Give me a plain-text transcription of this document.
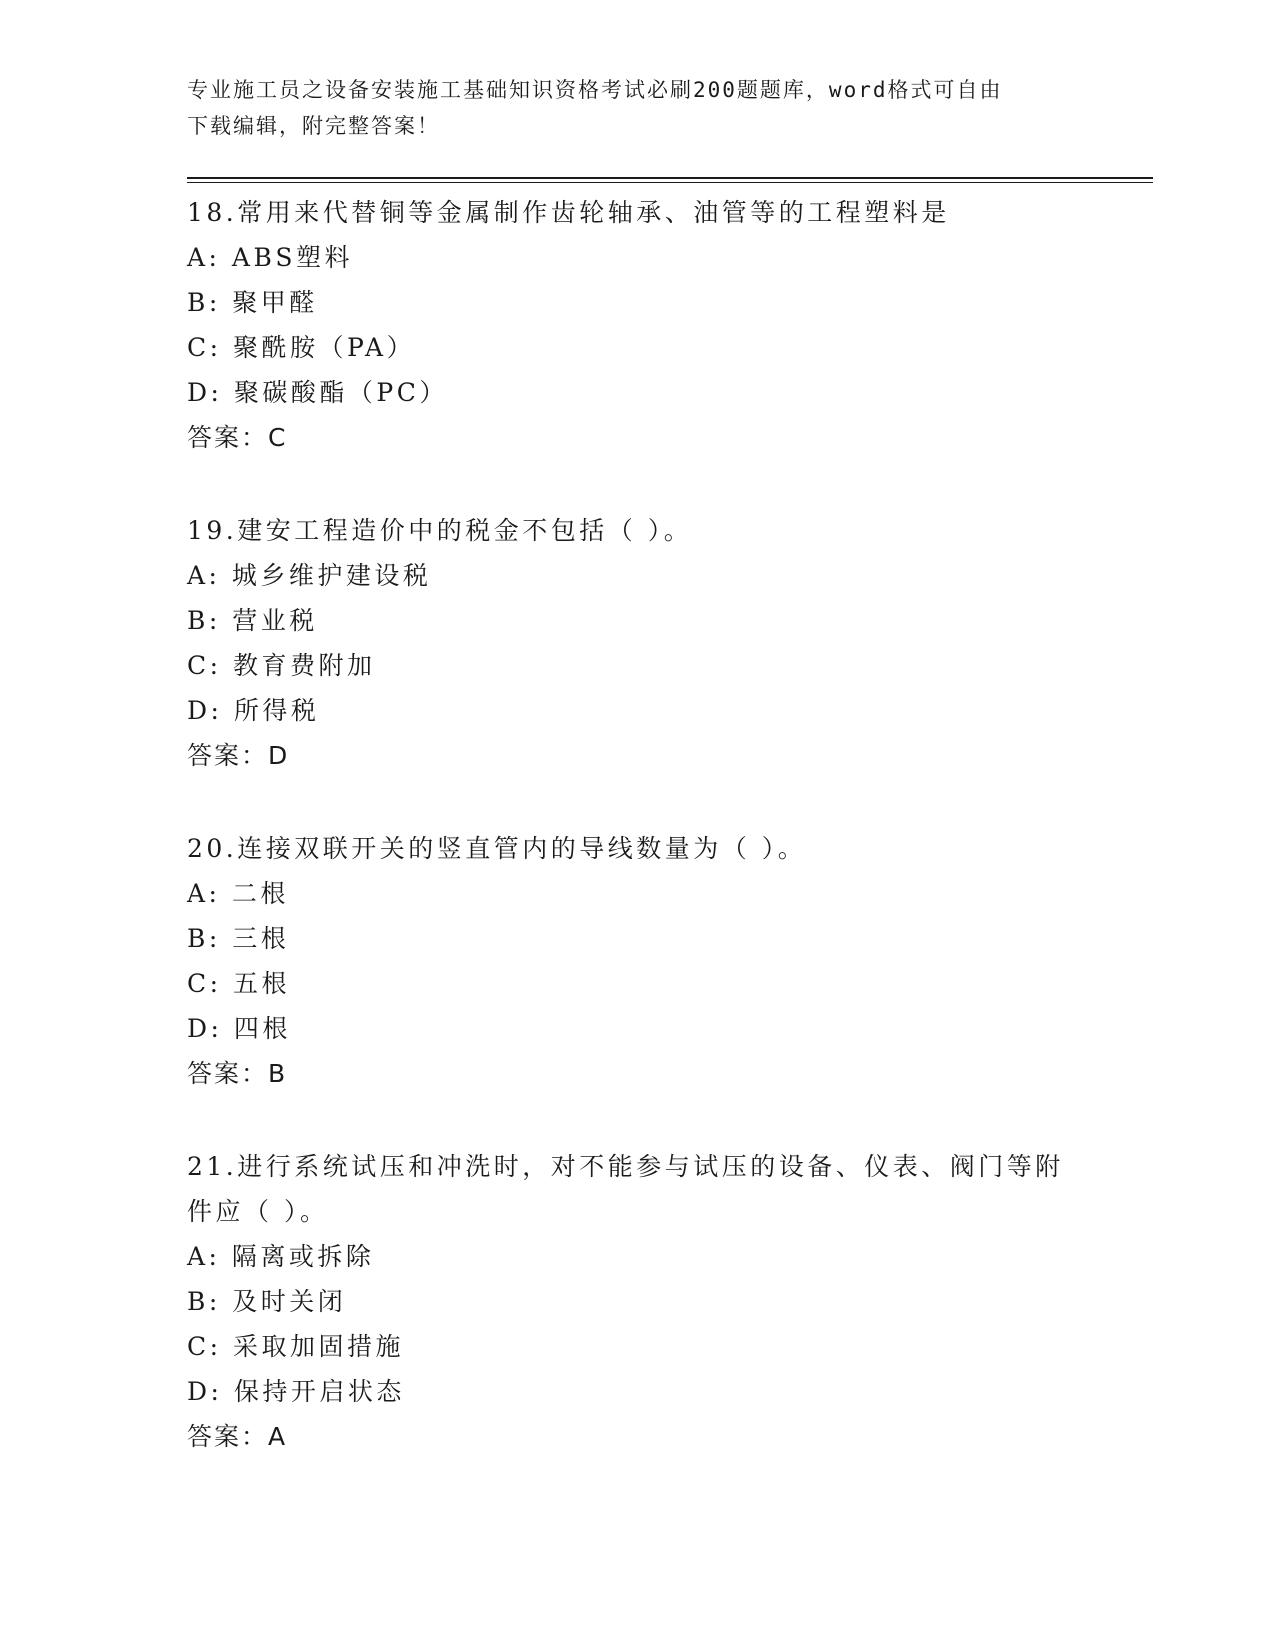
专业施工员之设备安装施工基础知识资格考试必刷200题题库，word格式可自由
下载编辑，附完整答案！
18.常用来代替铜等金属制作齿轮轴承、油管等的工程塑料是
A: ABS塑料
B: 聚甲醛
C: 聚酰胺（PA）
D: 聚碳酸酯（PC）
答案：C
19.建安工程造价中的税金不包括（ ）。
A: 城乡维护建设税
B: 营业税
C: 教育费附加
D: 所得税
答案：D
20.连接双联开关的竖直管内的导线数量为（ ）。
A: 二根
B: 三根
C: 五根
D: 四根
答案：B
21.进行系统试压和冲洗时，对不能参与试压的设备、仪表、阀门等附件应（ ）。
A: 隔离或拆除
B: 及时关闭
C: 采取加固措施
D: 保持开启状态
答案：A
